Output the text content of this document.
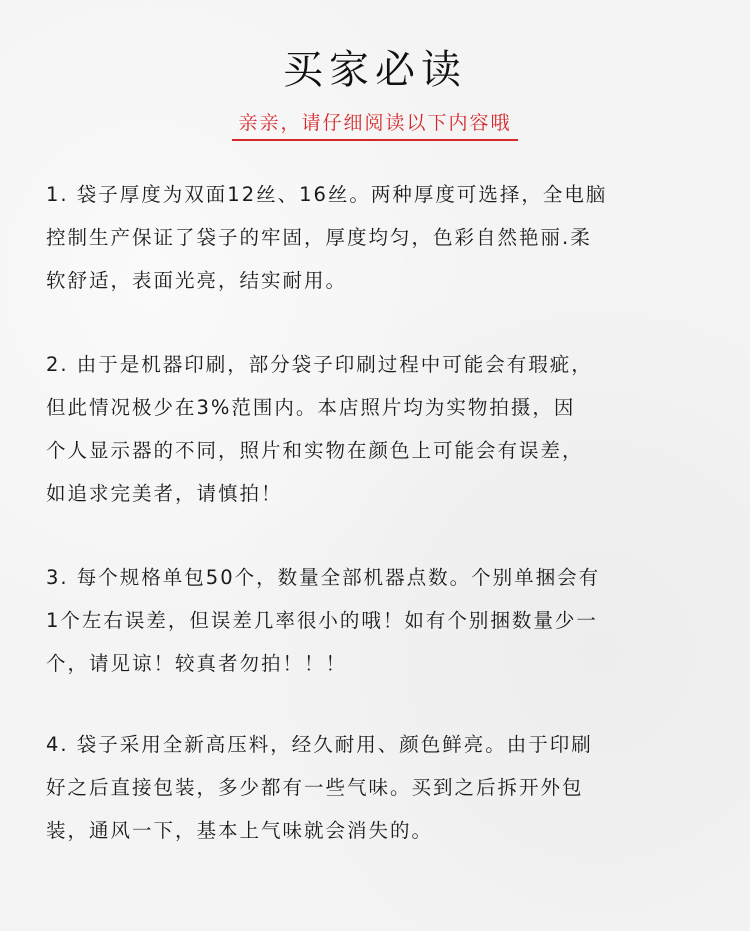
买家必读
亲亲，请仔细阅读以下内容哦
1. 袋子厚度为双面12丝、16丝。两种厚度可选择，全电脑
控制生产保证了袋子的牢固，厚度均匀，色彩自然艳丽.柔
软舒适，表面光亮，结实耐用。
2. 由于是机器印刷，部分袋子印刷过程中可能会有瑕疵，
但此情况极少在3%范围内。本店照片均为实物拍摄，因
个人显示器的不同，照片和实物在颜色上可能会有误差，
如追求完美者，请慎拍！
3. 每个规格单包50个，数量全部机器点数。个别单捆会有
1个左右误差，但误差几率很小的哦！如有个别捆数量少一
个，请见谅！较真者勿拍！！！
4. 袋子采用全新高压料，经久耐用、颜色鲜亮。由于印刷
好之后直接包装，多少都有一些气味。买到之后拆开外包
装，通风一下，基本上气味就会消失的。
